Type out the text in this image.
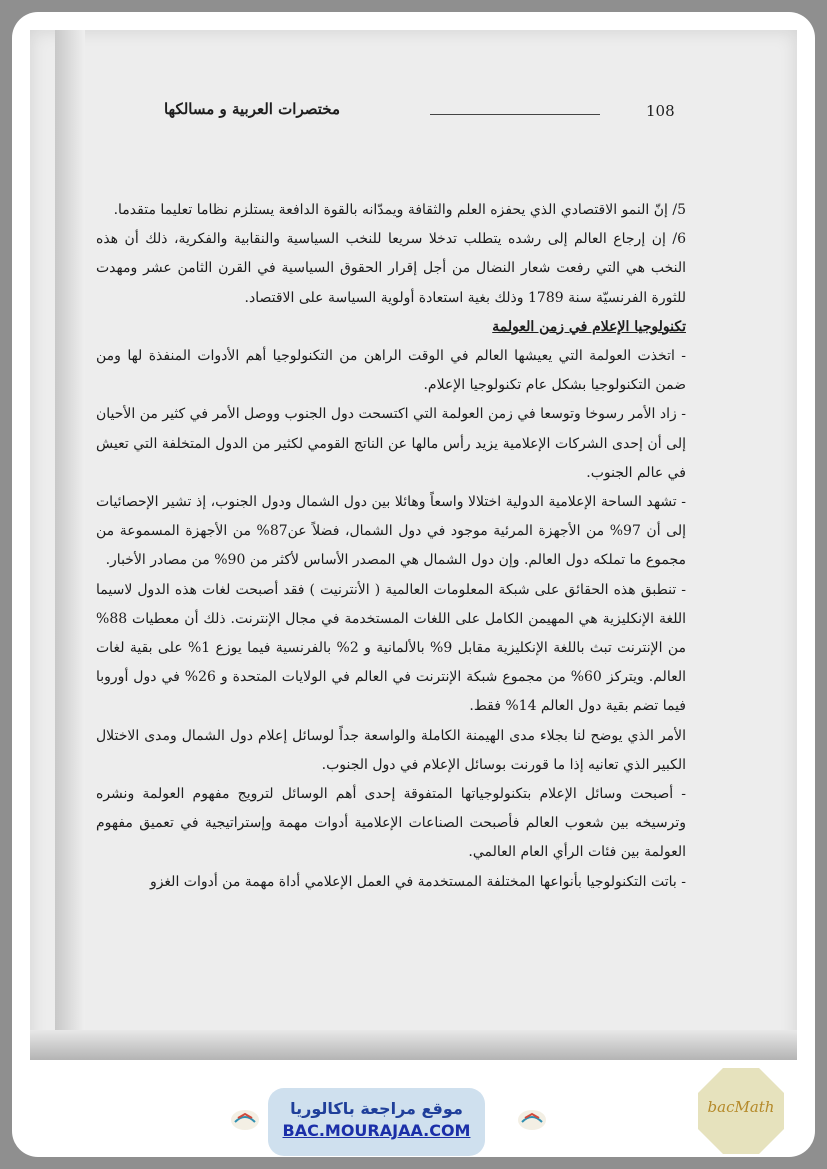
مختصرات العربية و مسالكها	108

5/ إنّ النمو الاقتصادي الذي يحفزه العلم والثقافة ويمدّانه بالقوة الدافعة يستلزم نظاما تعليما متقدما.

6/ إن إرجاع العالم إلى رشده يتطلب تدخلا سريعا للنخب السياسية والنقابية والفكرية، ذلك أن هذه النخب هي التي رفعت شعار النضال من أجل إقرار الحقوق السياسية في القرن الثامن عشر ومهدت للثورة الفرنسيّة سنة 1789 وذلك بغية استعادة أولوية السياسة على الاقتصاد.

تكنولوجيا الإعلام في زمن العولمة

- اتخذت العولمة التي يعيشها العالم في الوقت الراهن من التكنولوجيا أهم الأدوات المنفذة لها ومن ضمن التكنولوجيا بشكل عام تكنولوجيا الإعلام.

- زاد الأمر رسوخا وتوسعا في زمن العولمة التي اكتسحت دول الجنوب ووصل الأمر في كثير من الأحيان إلى أن إحدى الشركات الإعلامية يزيد رأس مالها عن الناتج القومي لكثير من الدول المتخلفة التي تعيش في عالم الجنوب.

- تشهد الساحة الإعلامية الدولية اختلالا واسعاً وهائلا بين دول الشمال ودول الجنوب، إذ تشير الإحصائيات إلى أن 97% من الأجهزة المرئية موجود في دول الشمال، فضلاً عن87% من الأجهزة المسموعة من مجموع ما تملكه دول العالم. وإن دول الشمال هي المصدر الأساس لأكثر من 90% من مصادر الأخبار.

- تنطبق هذه الحقائق على شبكة المعلومات العالمية ( الأنترنيت ) فقد أصبحت لغات هذه الدول لاسيما اللغة الإنكليزية هي المهيمن الكامل على اللغات المستخدمة في مجال الإنترنت. ذلك أن معطيات 88% من الإنترنت تبث باللغة الإنكليزية مقابل 9% بالألمانية و 2% بالفرنسية فيما يوزع 1% على بقية لغات العالم. ويتركز 60% من مجموع شبكة الإنترنت في العالم في الولايات المتحدة و 26% في دول أوروبا فيما تضم بقية دول العالم 14% فقط.

الأمر الذي يوضح لنا بجلاء مدى الهيمنة الكاملة والواسعة جداً لوسائل إعلام دول الشمال ومدى الاختلال الكبير الذي تعانيه إذا ما قورنت بوسائل الإعلام في دول الجنوب.

- أصبحت وسائل الإعلام بتكنولوجياتها المتفوقة إحدى أهم الوسائل لترويج مفهوم العولمة ونشره وترسيخه بين شعوب العالم فأصبحت الصناعات الإعلامية أدوات مهمة وإستراتيجية في تعميق مفهوم العولمة بين فئات الرأي العام العالمي.

- باتت التكنولوجيا بأنواعها المختلفة المستخدمة في العمل الإعلامي أداة مهمة من أدوات الغزو

موقع مراجعة باكالوريا
BAC.MOURAJAA.COM
bacMath
